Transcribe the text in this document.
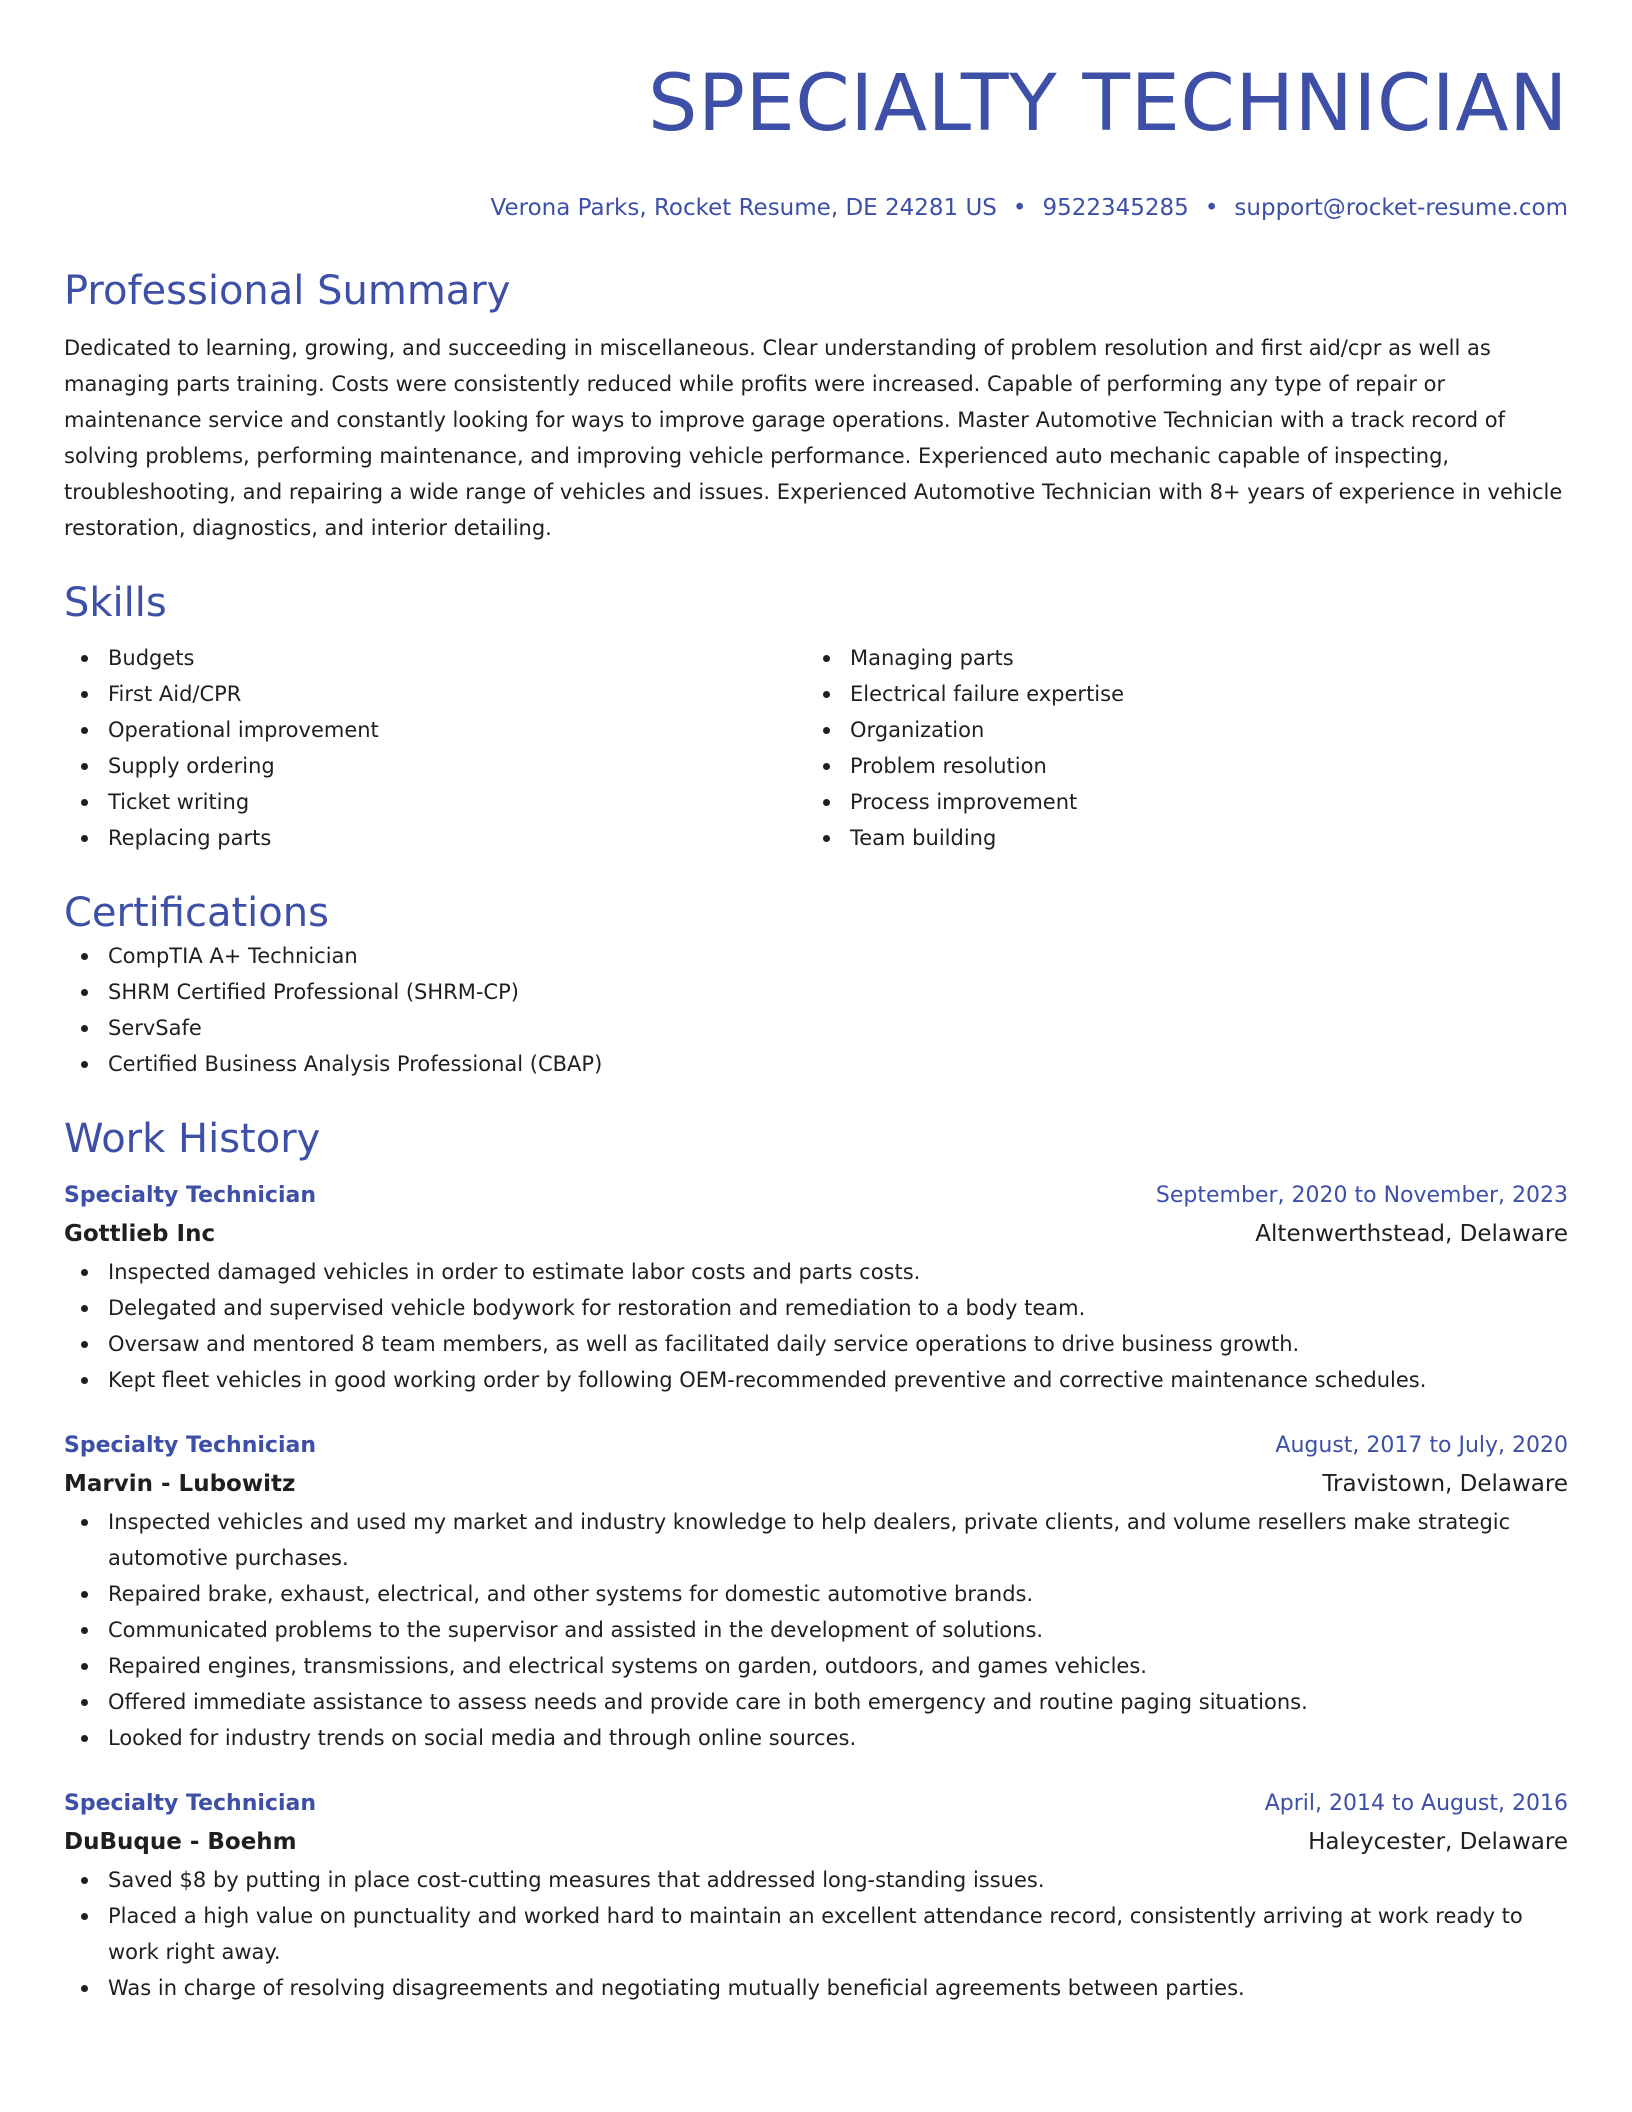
SPECIALTY TECHNICIAN
Verona Parks, Rocket Resume, DE 24281 US • 9522345285 • support@rocket-resume.com
Professional Summary

Dedicated to learning, growing, and succeeding in miscellaneous. Clear understanding of problem resolution and first aid/cpr as well as managing parts training. Costs were consistently reduced while profits were increased. Capable of performing any type of repair or maintenance service and constantly looking for ways to improve garage operations. Master Automotive Technician with a track record of solving problems, performing maintenance, and improving vehicle performance. Experienced auto mechanic capable of inspecting, troubleshooting, and repairing a wide range of vehicles and issues. Experienced Automotive Technician with 8+ years of experience in vehicle restoration, diagnostics, and interior detailing.

Skills
Budgets
First Aid/CPR
Operational improvement
Supply ordering
Ticket writing
Replacing parts
Managing parts
Electrical failure expertise
Organization
Problem resolution
Process improvement
Team building
Certifications
CompTIA A+ Technician
SHRM Certified Professional (SHRM-CP)
ServSafe
Certified Business Analysis Professional (CBAP)
Work History
Specialty Technician	September, 2020 to November, 2023
Gottlieb Inc	Altenwerthstead, Delaware
Inspected damaged vehicles in order to estimate labor costs and parts costs.
Delegated and supervised vehicle bodywork for restoration and remediation to a body team.
Oversaw and mentored 8 team members, as well as facilitated daily service operations to drive business growth.
Kept fleet vehicles in good working order by following OEM-recommended preventive and corrective maintenance schedules.
Specialty Technician	August, 2017 to July, 2020
Marvin - Lubowitz	Travistown, Delaware
Inspected vehicles and used my market and industry knowledge to help dealers, private clients, and volume resellers make strategic automotive purchases.
Repaired brake, exhaust, electrical, and other systems for domestic automotive brands.
Communicated problems to the supervisor and assisted in the development of solutions.
Repaired engines, transmissions, and electrical systems on garden, outdoors, and games vehicles.
Offered immediate assistance to assess needs and provide care in both emergency and routine paging situations.
Looked for industry trends on social media and through online sources.
Specialty Technician	April, 2014 to August, 2016
DuBuque - Boehm	Haleycester, Delaware
Saved $8 by putting in place cost-cutting measures that addressed long-standing issues.
Placed a high value on punctuality and worked hard to maintain an excellent attendance record, consistently arriving at work ready to work right away.
Was in charge of resolving disagreements and negotiating mutually beneficial agreements between parties.
